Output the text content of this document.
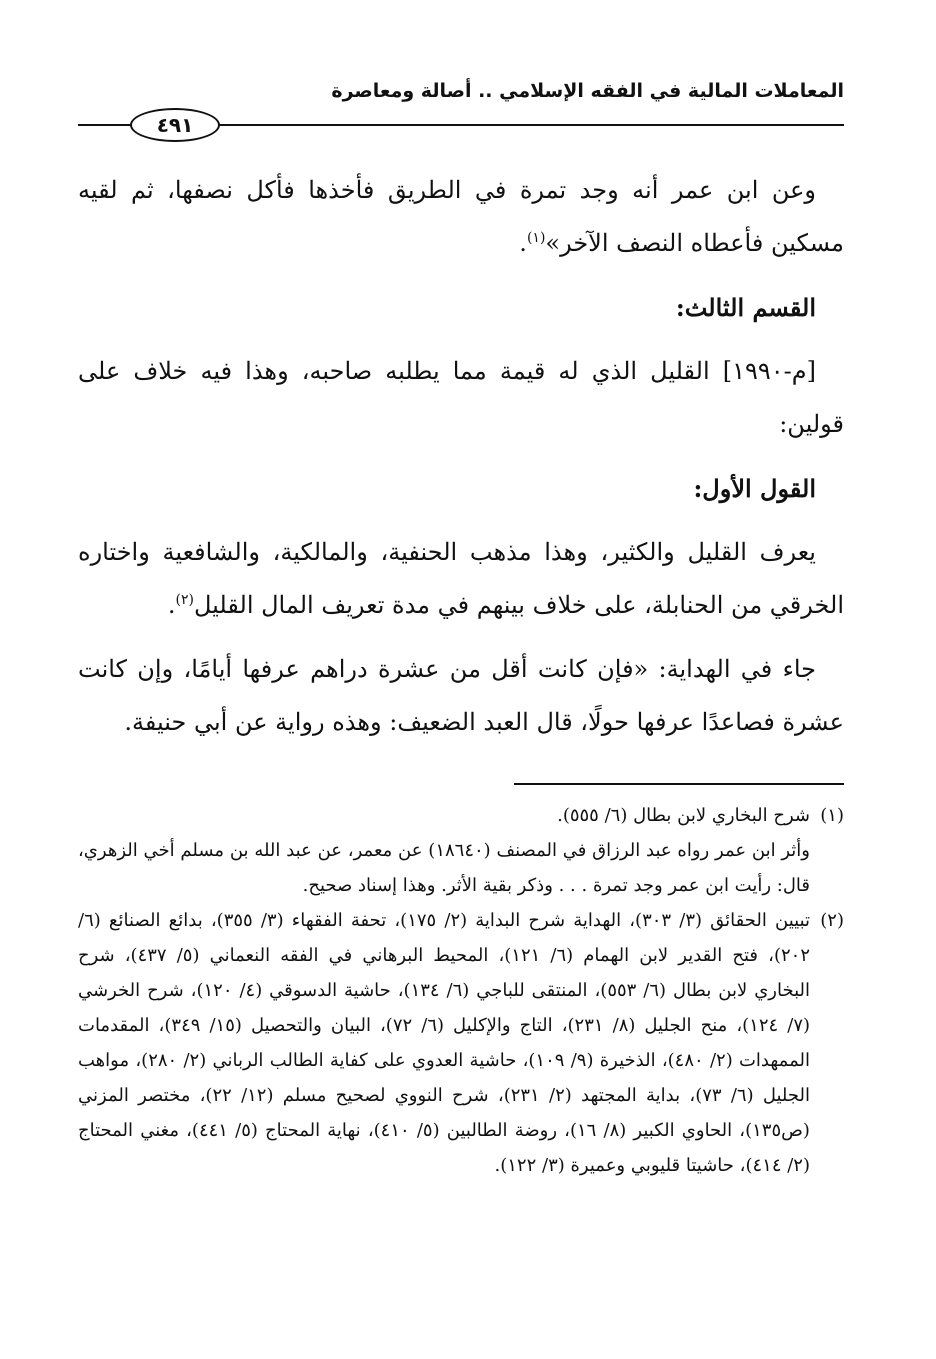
المعاملات المالية في الفقه الإسلامي .. أصالة ومعاصرة
٤٩١

وعن ابن عمر أنه وجد تمرة في الطريق فأخذها فأكل نصفها، ثم لقيه مسكين فأعطاه النصف الآخر»$^{(١)}$.

القسم الثالث:

[م-١٩٩٠] القليل الذي له قيمة مما يطلبه صاحبه، وهذا فيه خلاف على قولين:

القول الأول:

يعرف القليل والكثير، وهذا مذهب الحنفية، والمالكية، والشافعية واختاره الخرقي من الحنابلة، على خلاف بينهم في مدة تعريف المال القليل$^{(٢)}$.

جاء في الهداية: «فإن كانت أقل من عشرة دراهم عرفها أيامًا، وإن كانت عشرة فصاعدًا عرفها حولًا، قال العبد الضعيف: وهذه رواية عن أبي حنيفة.

(١)
شرح البخاري لابن بطال (٦/ ٥٥٥).
وأثر ابن عمر رواه عبد الرزاق في المصنف (١٨٦٤٠) عن معمر، عن عبد الله بن مسلم أخي الزهري، قال: رأيت ابن عمر وجد تمرة . . . وذكر بقية الأثر. وهذا إسناد صحيح.
(٢)
تبيين الحقائق (٣/ ٣٠٣)، الهداية شرح البداية (٢/ ١٧٥)، تحفة الفقهاء (٣/ ٣٥٥)، بدائع الصنائع (٦/ ٢٠٢)، فتح القدير لابن الهمام (٦/ ١٢١)، المحيط البرهاني في الفقه النعماني (٥/ ٤٣٧)، شرح البخاري لابن بطال (٦/ ٥٥٣)، المنتقى للباجي (٦/ ١٣٤)، حاشية الدسوقي (٤/ ١٢٠)، شرح الخرشي (٧/ ١٢٤)، منح الجليل (٨/ ٢٣١)، التاج والإكليل (٦/ ٧٢)، البيان والتحصيل (١٥/ ٣٤٩)، المقدمات الممهدات (٢/ ٤٨٠)، الذخيرة (٩/ ١٠٩)، حاشية العدوي على كفاية الطالب الرباني (٢/ ٢٨٠)، مواهب الجليل (٦/ ٧٣)، بداية المجتهد (٢/ ٢٣١)، شرح النووي لصحيح مسلم (١٢/ ٢٢)، مختصر المزني (ص١٣٥)، الحاوي الكبير (٨/ ١٦)، روضة الطالبين (٥/ ٤١٠)، نهاية المحتاج (٥/ ٤٤١)، مغني المحتاج (٢/ ٤١٤)، حاشيتا قليوبي وعميرة (٣/ ١٢٢).
